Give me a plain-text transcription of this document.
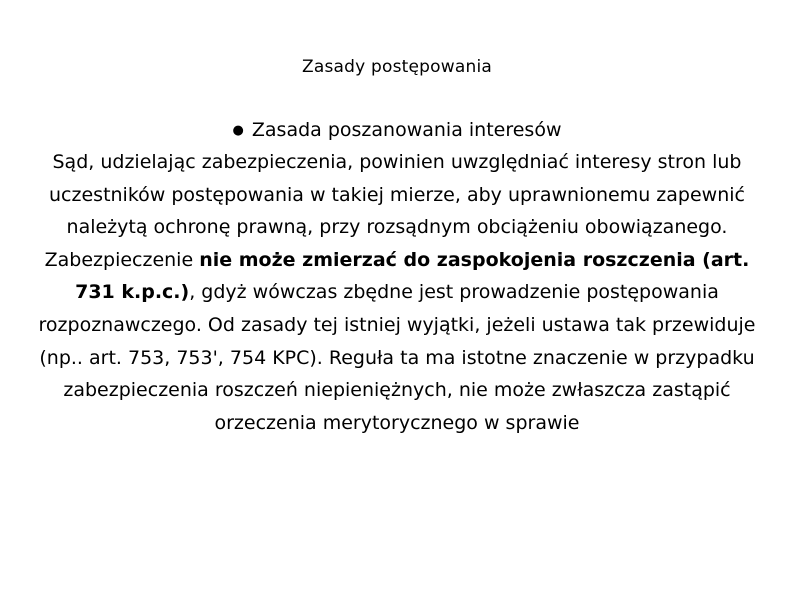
Zasady postępowania
● Zasada poszanowania interesów
Sąd, udzielając zabezpieczenia, powinien uwzględniać interesy stron lub uczestników postępowania w takiej mierze, aby uprawnionemu zapewnić należytą ochronę prawną, przy rozsądnym obciążeniu obowiązanego. Zabezpieczenie nie może zmierzać do zaspokojenia roszczenia (art. 731 k.p.c.), gdyż wówczas zbędne jest prowadzenie postępowania rozpoznawczego. Od zasady tej istniej wyjątki, jeżeli ustawa tak przewiduje (np.. art. 753, 753', 754 KPC). Reguła ta ma istotne znaczenie w przypadku zabezpieczenia roszczeń niepieniężnych, nie może zwłaszcza zastąpić orzeczenia merytorycznego w sprawie
